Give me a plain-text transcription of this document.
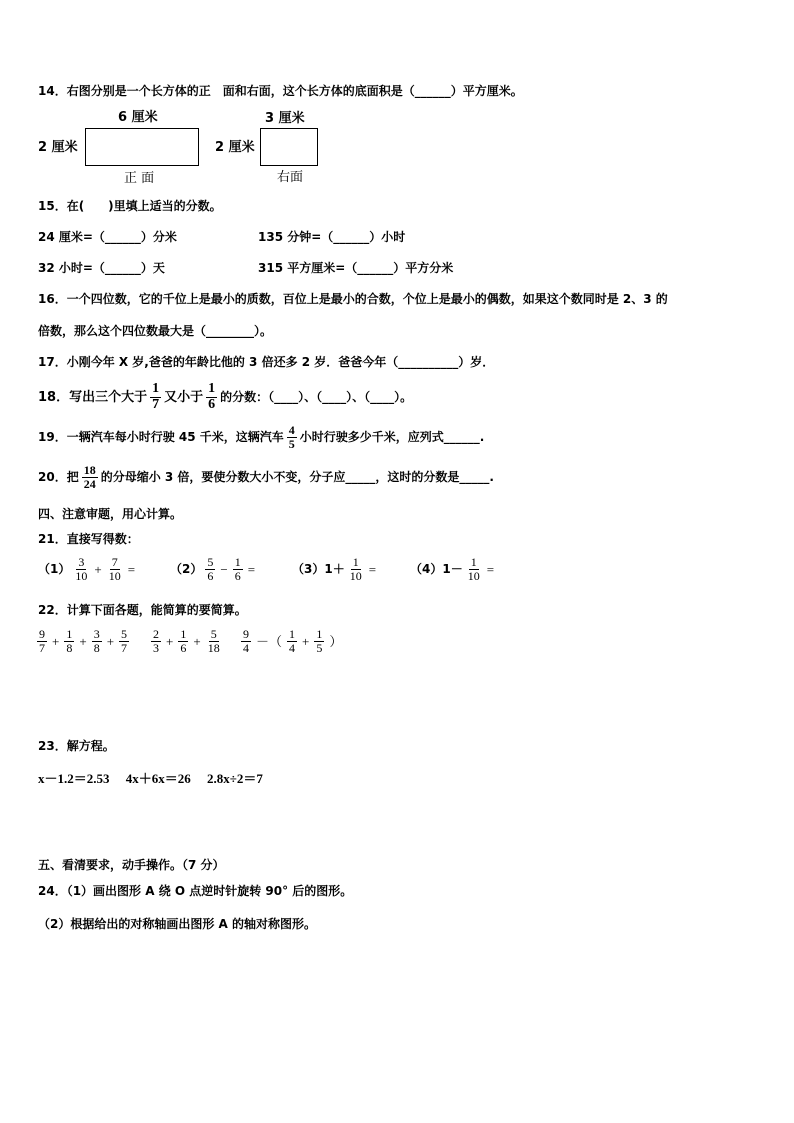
14．右图分别是一个长方体的正　面和右面，这个长方体的底面积是（______）平方厘米。
6 厘米
2 厘米
正 面
3 厘米
2 厘米
右面
15．在(　　)里填上适当的分数。
24 厘米=（______）分米	135 分钟=（______）小时
32 小时=（______）天	315 平方厘米=（______）平方分米
16．一个四位数，它的千位上是最小的质数，百位上是最小的合数，个位上是最小的偶数，如果这个数同时是 2、3 的
倍数，那么这个四位数最大是（________）。
17．小刚今年 X 岁,爸爸的年龄比他的 3 倍还多 2 岁．爸爸今年（__________）岁．
18．写出三个大于 $\frac{1}{7}$ 又小于 $\frac{1}{6}$ 的分数：（____）、（____）、（____）。
19．一辆汽车每小时行驶 45 千米，这辆汽车 $\frac{4}{5}$ 小时行驶多少千米，应列式______.
20．把 $\frac{18}{24}$ 的分母缩小 3 倍，要使分数大小不变，分子应_____，这时的分数是_____.
四、注意审题，用心计算。
21．直接写得数：
$(1) \frac{3}{10} + \frac{7}{10}$ =	$(2) \frac{5}{6} - \frac{1}{6}$ =	$(3)1+ \frac{1}{10}$ =	$(4)1- \frac{1}{10}$ =
22．计算下面各题，能简算的要简算。
$\frac{9}{7} + \frac{1}{8} + \frac{3}{8} + \frac{5}{7} \frac{2}{3} + \frac{1}{6} + \frac{5}{18} \frac{9}{4}$ －（ $\frac{1}{4} + \frac{1}{5}$ ）
23．解方程。
x－1.2＝2.53　 4x＋6x＝26　 2.8x÷2＝7
五、看清要求，动手操作。（7 分）
24．（1）画出图形 A 绕 O 点逆时针旋转 90° 后的图形。
（2）根据给出的对称轴画出图形 A 的轴对称图形。
